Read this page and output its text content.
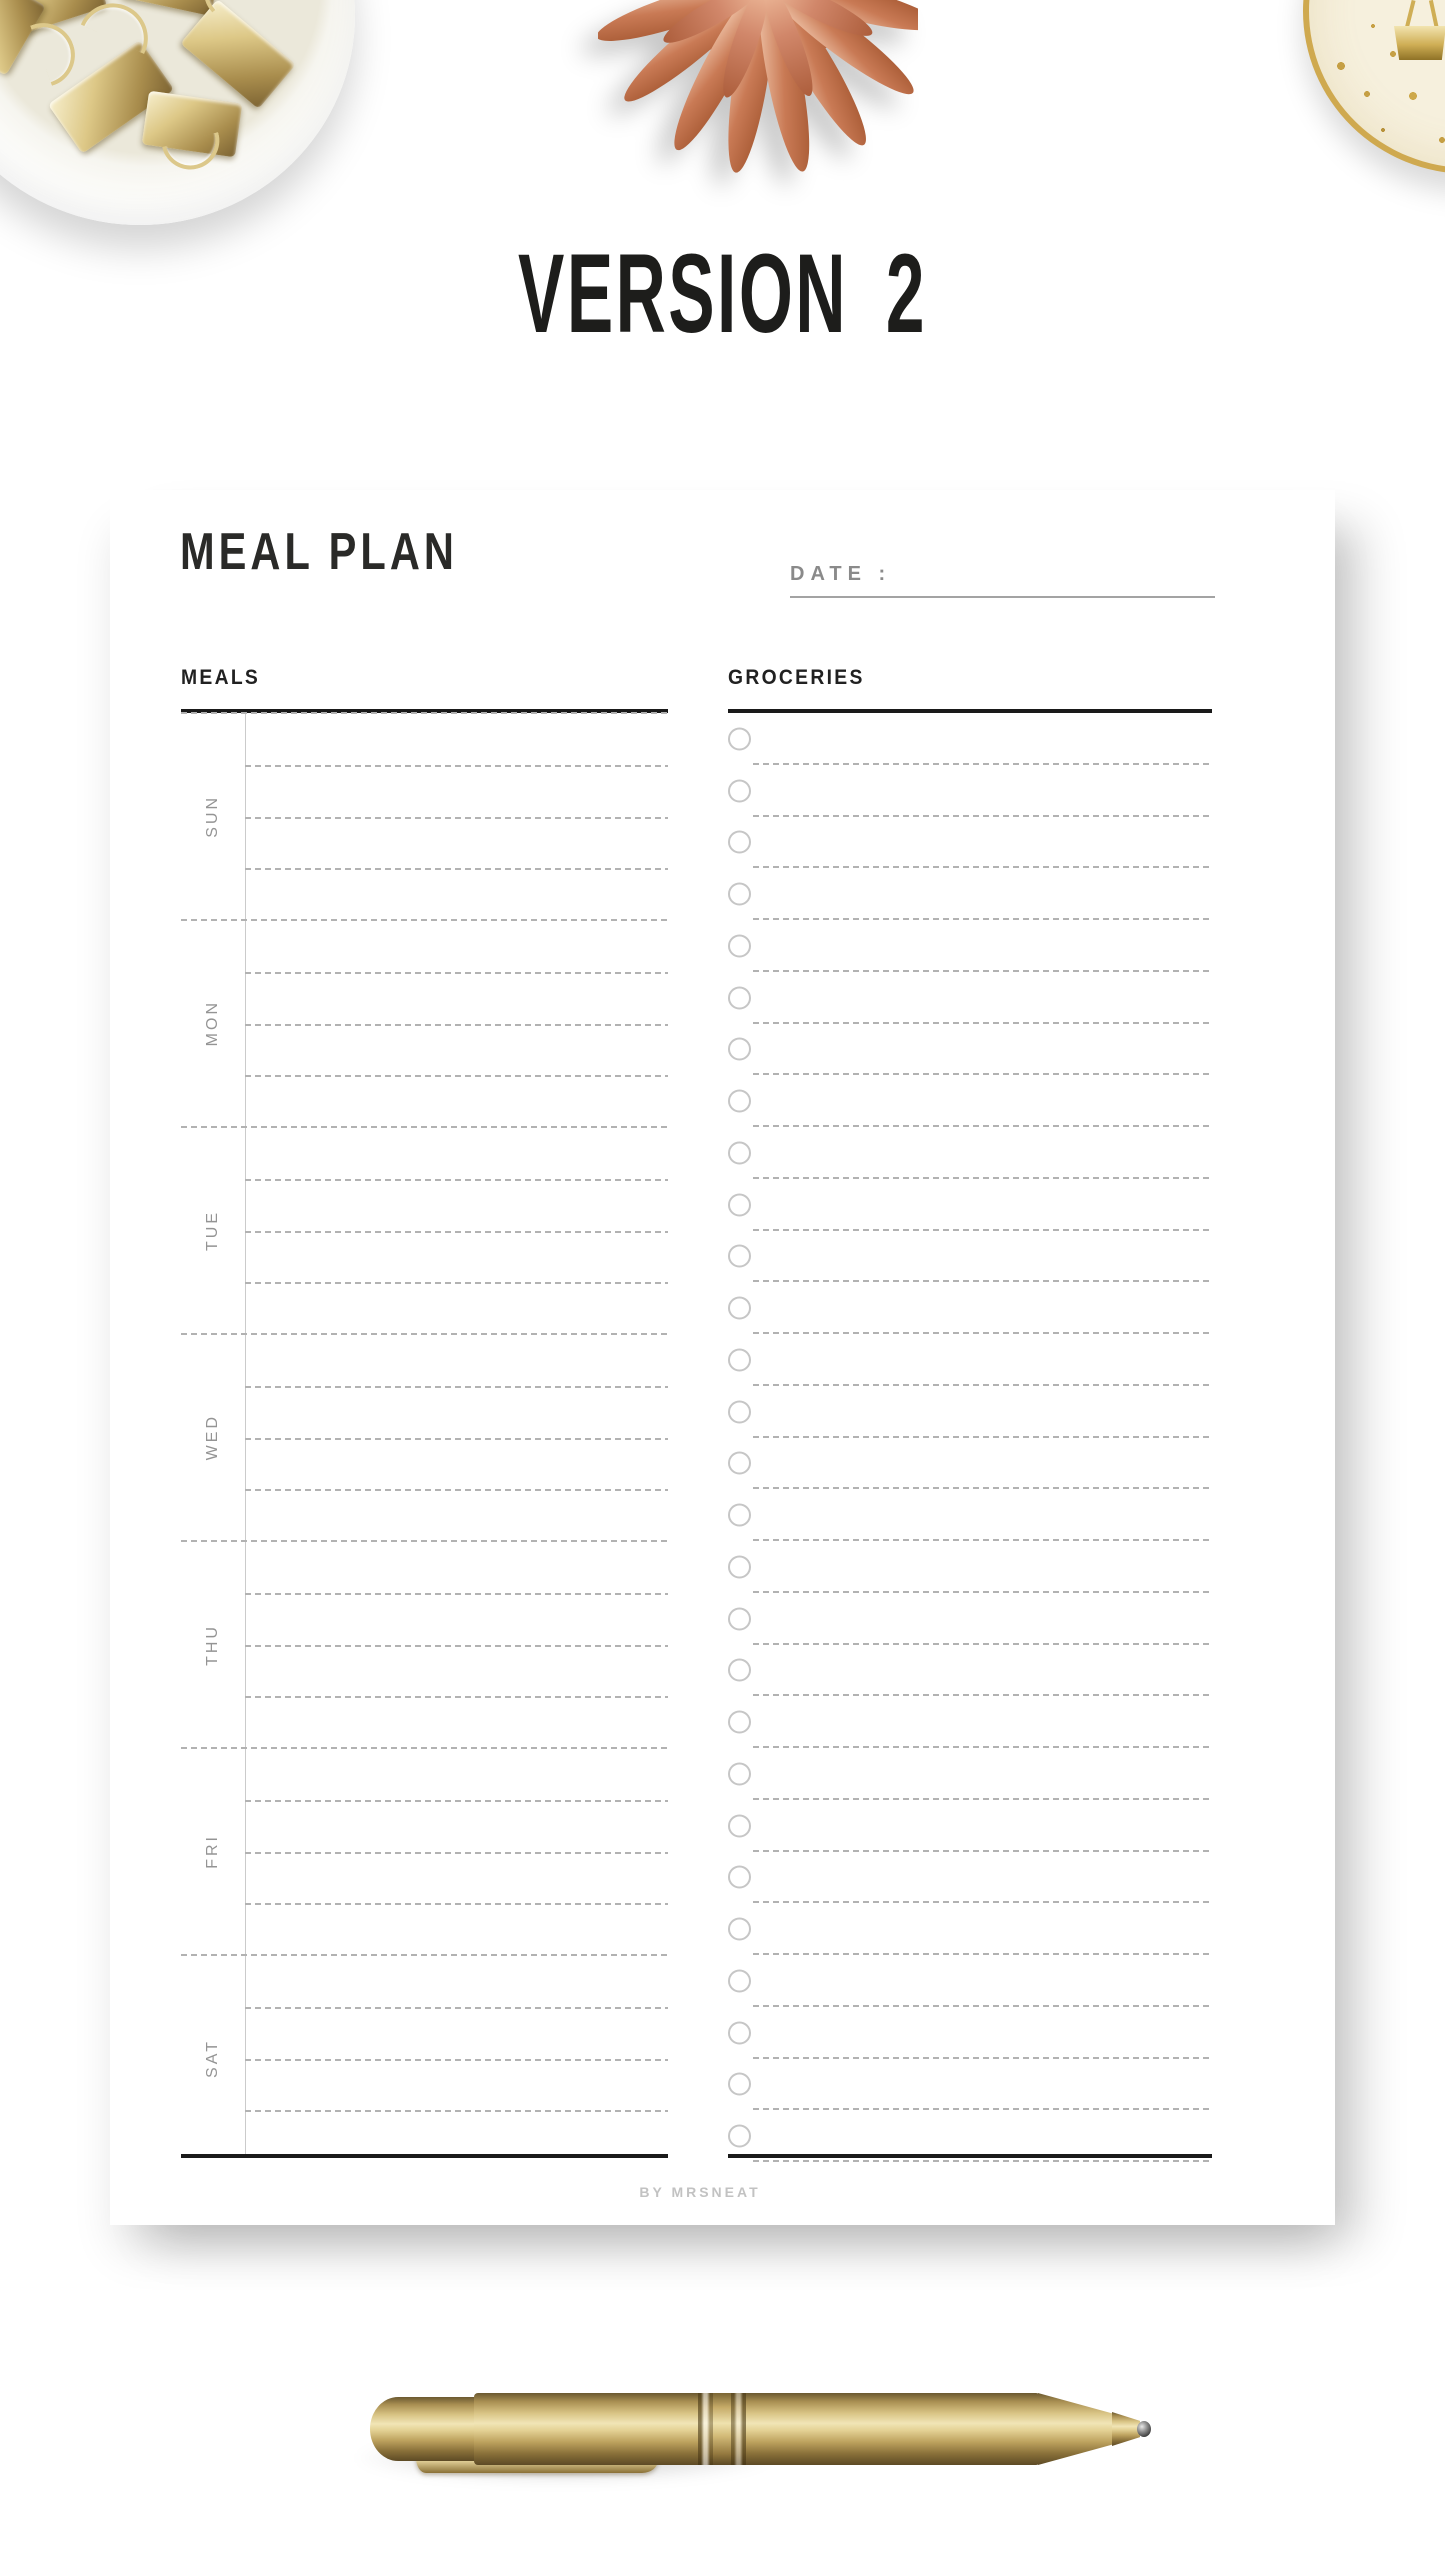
VERSION 2
MEAL PLAN	DATE :
MEALS
SUN
MON
TUE
WED
THU
FRI
SAT
GROCERIES
BY MRSNEAT
